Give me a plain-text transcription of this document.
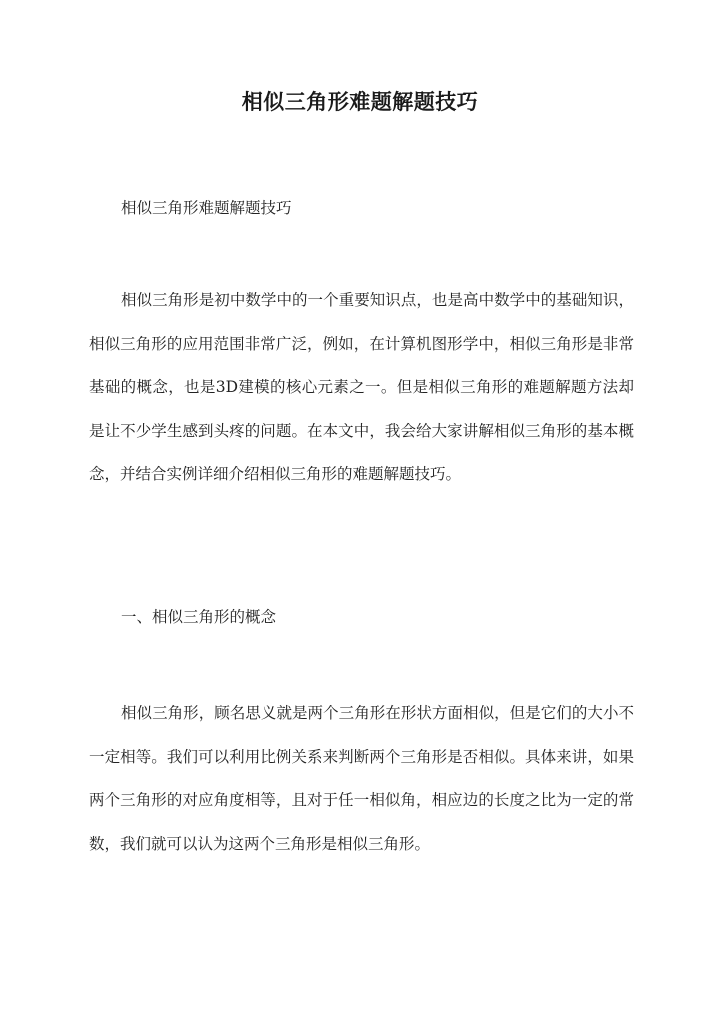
相似三角形难题解题技巧
相似三角形难题解题技巧

相似三角形是初中数学中的一个重要知识点，也是高中数学中的基础知识，相似三角形的应用范围非常广泛，例如，在计算机图形学中，相似三角形是非常基础的概念，也是3D建模的核心元素之一。但是相似三角形的难题解题方法却是让不少学生感到头疼的问题。在本文中，我会给大家讲解相似三角形的基本概念，并结合实例详细介绍相似三角形的难题解题技巧。

一、相似三角形的概念

相似三角形，顾名思义就是两个三角形在形状方面相似，但是它们的大小不一定相等。我们可以利用比例关系来判断两个三角形是否相似。具体来讲，如果两个三角形的对应角度相等，且对于任一相似角，相应边的长度之比为一定的常数，我们就可以认为这两个三角形是相似三角形。
